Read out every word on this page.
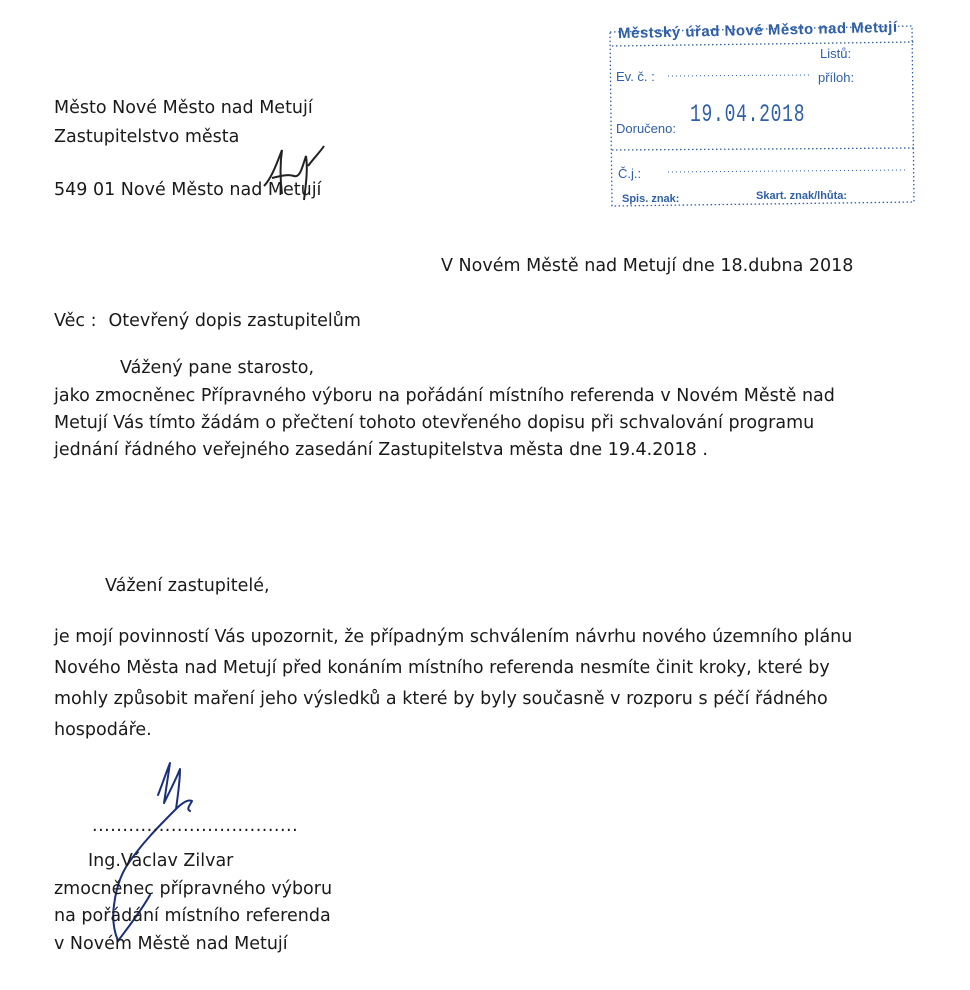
Městský úřad Nové Město nad Metují
Listů:
Ev. č. :	příloh:
Doručeno: 19.04.2018
Č.j.:
Spis. znak:	Skart. znak/lhůta:
Město Nové Město nad Metují
Zastupitelstvo města
549 01 Nové Město nad Metují
V Novém Městě nad Metují dne 18.dubna 2018
Věc : Otevřený dopis zastupitelům
Vážený pane starosto,
jako zmocněnec Přípravného výboru na pořádání místního referenda v Novém Městě nad
Metují Vás tímto žádám o přečtení tohoto otevřeného dopisu při schvalování programu
jednání řádného veřejného zasedání Zastupitelstva města dne 19.4.2018 .
Vážení zastupitelé,
je mojí povinností Vás upozornit, že případným schválením návrhu nového územního plánu
Nového Města nad Metují před konáním místního referenda nesmíte činit kroky, které by
mohly způsobit maření jeho výsledků a které by byly současně v rozporu s péčí řádného
hospodáře.
..................................
Ing.Václav Zilvar
zmocněnec přípravného výboru
na pořádání místního referenda
v Novém Městě nad Metují
